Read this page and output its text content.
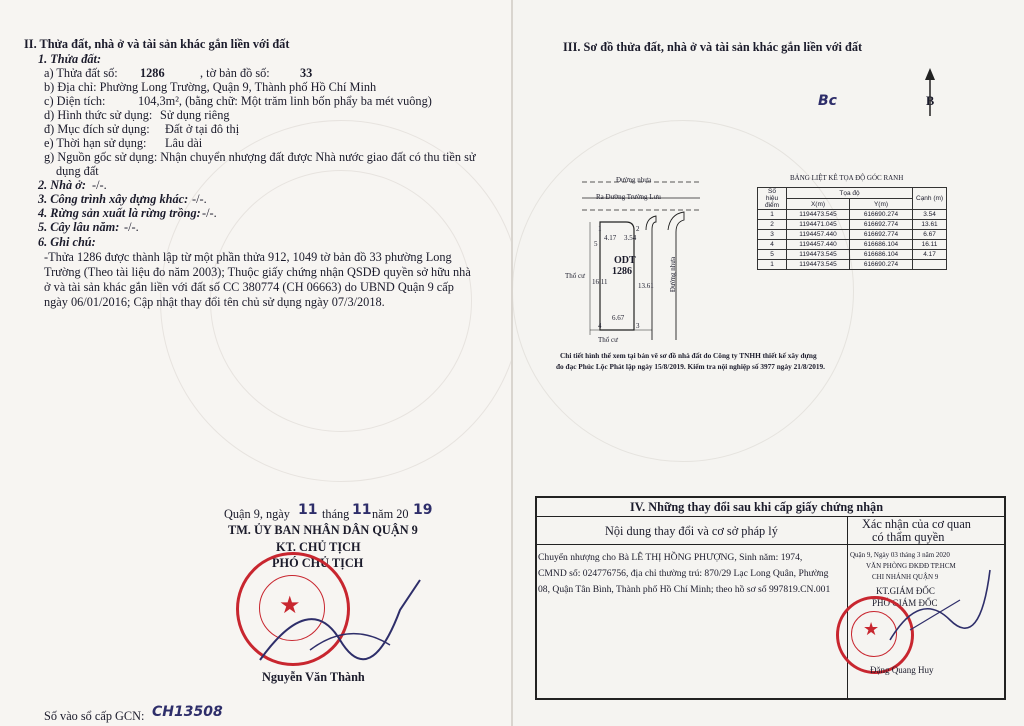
II. Thửa đất, nhà ở và tài sản khác gắn liền với đất
1. Thửa đất:
a) Thửa đất số: 1286	, tờ bản đồ số: 33
b) Địa chỉ: Phường Long Trường, Quận 9, Thành phố Hồ Chí Minh
c) Diện tích:	104,3m², (bằng chữ: Một trăm linh bốn phẩy ba mét vuông)
d) Hình thức sử dụng: Sử dụng riêng
đ) Mục đích sử dụng: Đất ở tại đô thị
e) Thời hạn sử dụng: Lâu dài
g) Nguồn gốc sử dụng: Nhận chuyển nhượng đất được Nhà nước giao đất có thu tiền sử
dụng đất
2. Nhà ở: -/-.
3. Công trình xây dựng khác: -/-.
4. Rừng sản xuất là rừng trồng: -/-.
5. Cây lâu năm: -/-.
6. Ghi chú:
-Thửa 1286 được thành lập từ một phần thửa 912, 1049 tờ bản đồ 33 phường Long
Trường (Theo tài liệu đo năm 2003); Thuộc giấy chứng nhận QSDĐ quyền sở hữu nhà
ở và tài sản khác gắn liền với đất số CC 380774 (CH 06663) do UBND Quận 9 cấp
ngày 06/01/2016; Cập nhật thay đổi tên chủ sử dụng ngày 07/3/2018.
Quận 9, ngày 11 tháng 11 năm 20 19
TM. ỦY BAN NHÂN DÂN QUẬN 9
KT. CHỦ TỊCH
PHÓ CHỦ TỊCH
★
Nguyễn Văn Thành
Số vào sổ cấp GCN: CH13508
III. Sơ đồ thửa đất, nhà ở và tài sản khác gắn liền với đất
B
Bc
Đường nhựa
Ra Đường Trường Lưu
Đường nhựa
ODT
1286
Thổ cư
Thổ cư
4.17 3.54
16.11	13.61
6.67
1	2
3
4
5
BẢNG LIỆT KÊ TỌA ĐỘ GÓC RANH
Số hiệu điểm	Tọa độ		Cạnh (m)
	X(m)	Y(m)	
1	1194473.545	616690.274	3.54
2	1194471.045	616692.774	13.61
3	1194457.440	616692.774	6.67
4	1194457.440	616686.104	16.11
5	1194473.545	616686.104	4.17
1	1194473.545	616690.274	
Chi tiết hình thể xem tại bản vẽ sơ đồ nhà đất do Công ty TNHH thiết kế xây dựng
đo đạc Phúc Lộc Phát lập ngày 15/8/2019. Kiểm tra nội nghiệp số 3977 ngày 21/8/2019.
IV. Những thay đổi sau khi cấp giấy chứng nhận
Nội dung thay đổi và cơ sở pháp lý	Xác nhận của cơ quan
có thẩm quyền
Chuyển nhượng cho Bà LÊ THỊ HỒNG PHƯỢNG, Sinh năm: 1974,
CMND số: 024776756, địa chỉ thường trú: 870/29 Lạc Long Quân, Phường
08, Quận Tân Bình, Thành phố Hồ Chí Minh; theo hồ sơ số 997819.CN.001
Quận 9, Ngày 03 tháng 3 năm 2020
VĂN PHÒNG ĐKĐĐ TP.HCM
CHI NHÁNH QUẬN 9
KT.GIÁM ĐỐC
PHÓ GIÁM ĐỐC
★
Đặng Quang Huy
